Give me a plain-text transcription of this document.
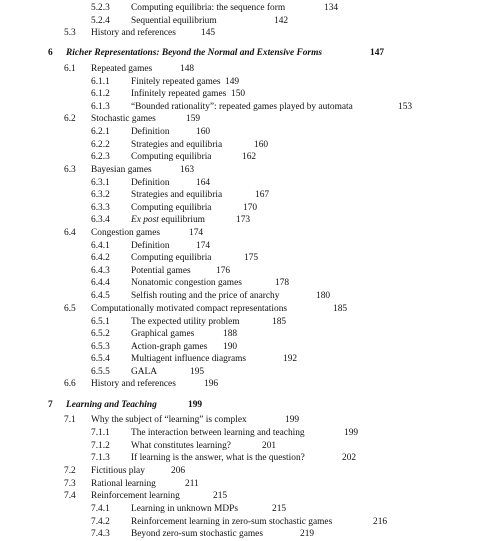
5.2.3 Computing equilibria: the sequence form	134
5.2.4 Sequential equilibrium	142
5.3 History and references	145
6 Richer Representations: Beyond the Normal and Extensive Forms	147
6.1 Repeated games	148
6.1.1 Finitely repeated games 149
6.1.2 Infinitely repeated games 150
6.1.3 “Bounded rationality”: repeated games played by automata	153
6.2 Stochastic games	159
6.2.1 Definition	160
6.2.2 Strategies and equilibria	160
6.2.3 Computing equilibria	162
6.3 Bayesian games	163
6.3.1 Definition	164
6.3.2 Strategies and equilibria	167
6.3.3 Computing equilibria	170
6.3.4 Ex post equilibrium	173
6.4 Congestion games	174
6.4.1 Definition	174
6.4.2 Computing equilibria	175
6.4.3 Potential games	176
6.4.4 Nonatomic congestion games	178
6.4.5 Selfish routing and the price of anarchy	180
6.5 Computationally motivated compact representations	185
6.5.1 The expected utility problem	185
6.5.2 Graphical games	188
6.5.3 Action-graph games 190
6.5.4 Multiagent influence diagrams	192
6.5.5 GALA	195
6.6 History and references	196
7 Learning and Teaching	199
7.1 Why the subject of “learning” is complex	199
7.1.1 The interaction between learning and teaching	199
7.1.2 What constitutes learning?	201
7.1.3 If learning is the answer, what is the question?	202
7.2 Fictitious play	206
7.3 Rational learning	211
7.4 Reinforcement learning	215
7.4.1 Learning in unknown MDPs	215
7.4.2 Reinforcement learning in zero-sum stochastic games	216
7.4.3 Beyond zero-sum stochastic games	219
